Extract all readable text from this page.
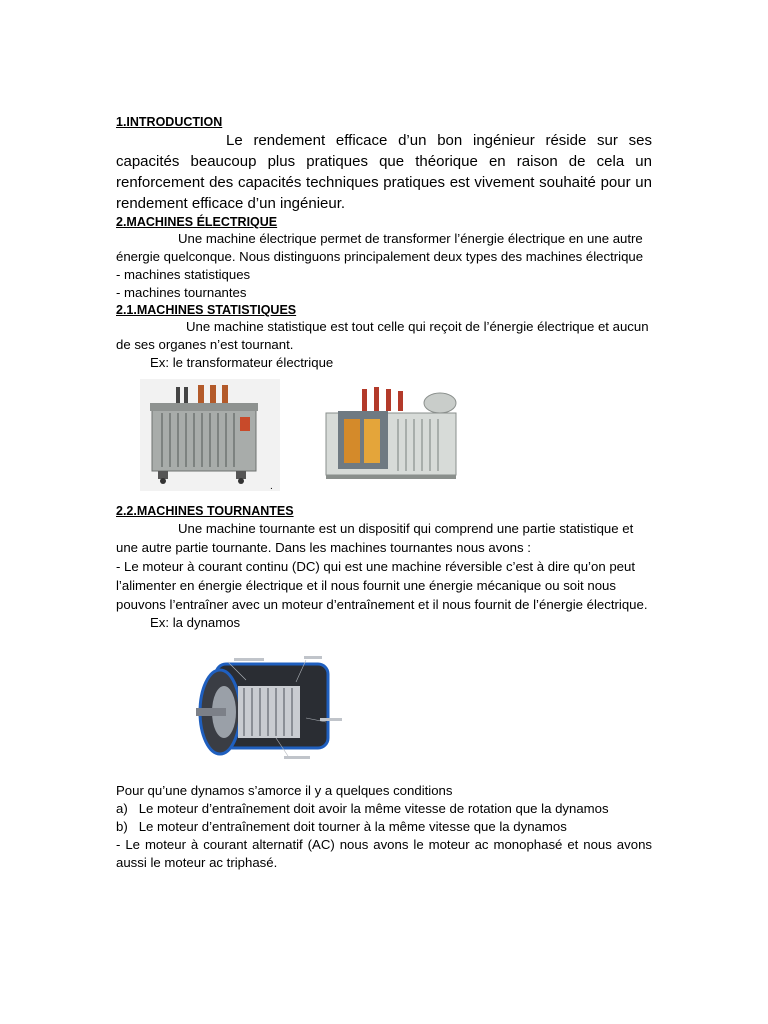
1.INTRODUCTION

Le rendement efficace d’un bon ingénieur réside sur ses capacités beaucoup plus pratiques que théorique en raison de cela un renforcement des capacités techniques pratiques est vivement souhaité pour un rendement efficace d’un ingénieur.

2.MACHINES ÉLECTRIQUE

Une machine électrique permet de transformer l’énergie électrique en une autre énergie quelconque. Nous distinguons principalement deux types des machines électrique

- machines statistiques

- machines tournantes

2.1.MACHINES STATISTIQUES

Une machine statistique est tout celle qui reçoit de l’énergie électrique et aucun de ses organes n’est tournant.

Ex: le transformateur électrique

.

2.2.MACHINES TOURNANTES

Une machine tournante est un dispositif qui comprend une partie statistique et une autre partie tournante. Dans les machines tournantes nous avons :

- Le moteur à courant continu (DC) qui est une machine réversible c’est à dire qu’on peut l’alimenter en énergie électrique et il nous fournit une énergie mécanique ou soit nous pouvons l’entraîner avec un moteur d’entraînement et il nous fournit de l’énergie électrique.

Ex: la dynamos

Pour qu’une dynamos s’amorce il y a quelques conditions

a)   Le moteur d’entraînement doit avoir la même vitesse de rotation que la dynamos

b)   Le moteur d’entraînement doit tourner à la même vitesse que la dynamos

- Le moteur à courant alternatif (AC) nous avons le moteur ac monophasé et nous avons aussi le moteur ac triphasé.
